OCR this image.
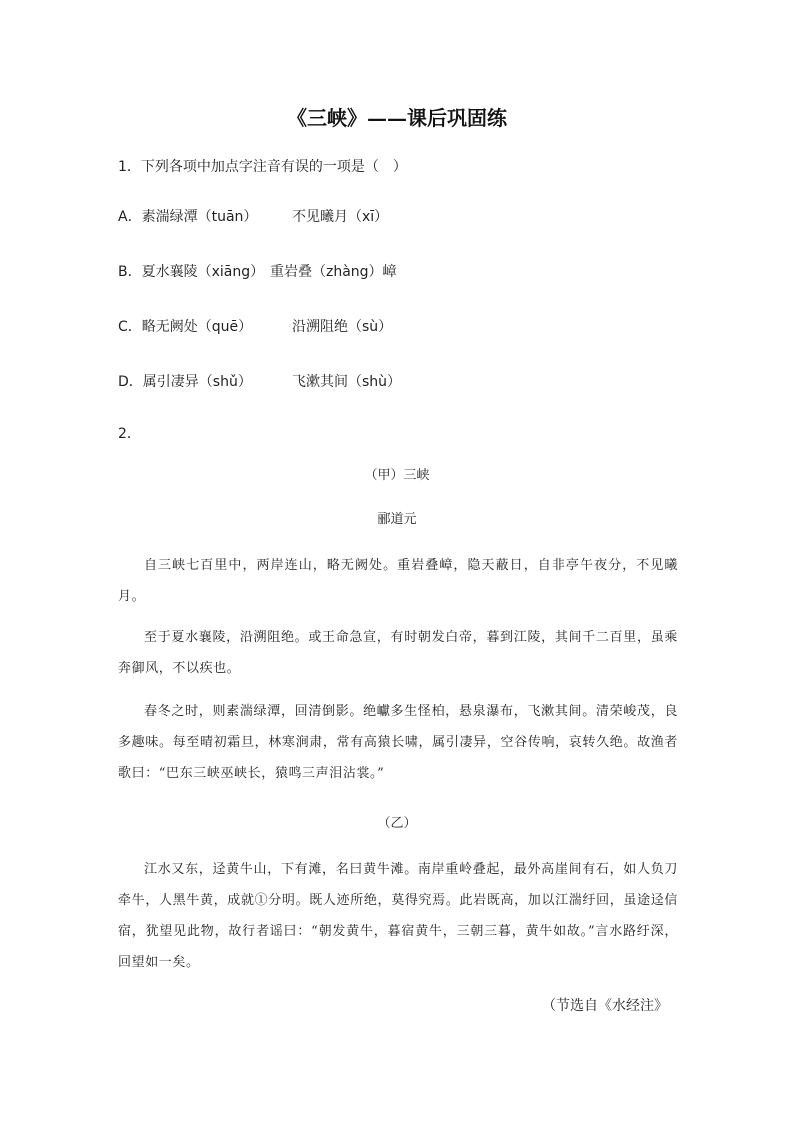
《三峡》——课后巩固练
1．下列各项中加点字注音有误的一项是（　）
A．素湍绿潭（tuān） 不见曦月（xī）
B．夏水襄陵（xiāng） 重岩叠（zhàng）嶂
C．略无阙处（quē）	沿溯阻绝（sù）
D．属引凄异（shǔ）	飞漱其间（shù）
2．
（甲）三峡
郦道元
自三峡七百里中，两岸连山，略无阙处。重岩叠嶂，隐天蔽日，自非亭午夜分，不见曦月。
至于夏水襄陵，沿溯阻绝。或王命急宣，有时朝发白帝，暮到江陵，其间千二百里，虽乘奔御风，不以疾也。
春冬之时，则素湍绿潭，回清倒影。绝巘多生怪柏，悬泉瀑布，飞漱其间。清荣峻茂，良多趣味。每至晴初霜旦，林寒涧肃，常有高猿长啸，属引凄异，空谷传响，哀转久绝。故渔者歌曰：“巴东三峡巫峡长，猿鸣三声泪沾裳。”
（乙）
江水又东，迳黄牛山，下有滩，名曰黄牛滩。南岸重岭叠起，最外高崖间有石，如人负刀牵牛，人黑牛黄，成就①分明。既人迹所绝，莫得究焉。此岩既高，加以江湍纡回，虽途迳信宿，犹望见此物，故行者谣曰：“朝发黄牛，暮宿黄牛，三朝三暮，黄牛如故。”言水路纡深，回望如一矣。
（节选自《水经注》
